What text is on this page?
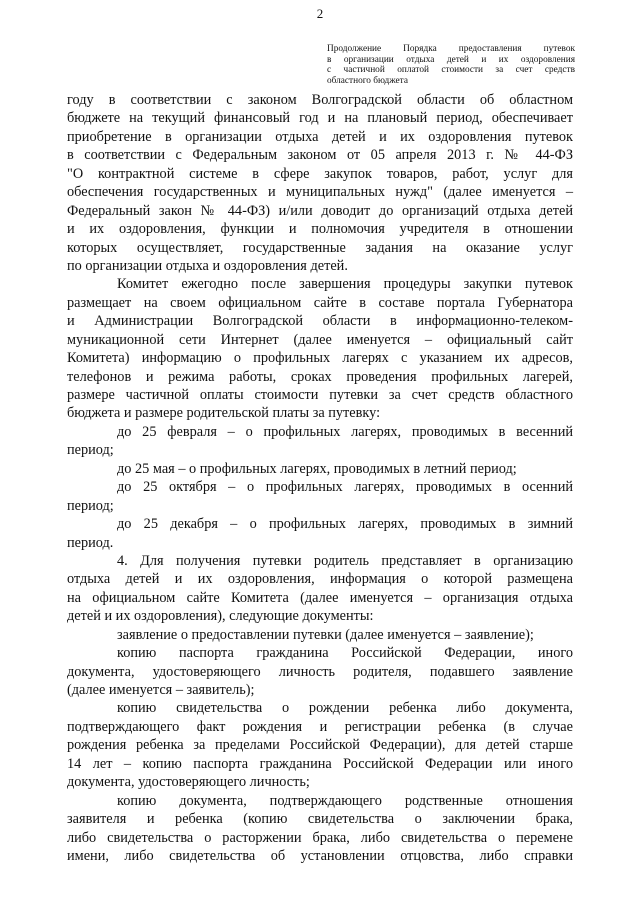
2
Продолжение Порядка предоставления путевок
в организации отдыха детей и их оздоровления
с частичной оплатой стоимости за счет средств
областного бюджета
году в соответствии с законом Волгоградской области об областном
бюджете на текущий финансовый год и на плановый период, обеспечивает
приобретение в организации отдыха детей и их оздоровления путевок
в соответствии с Федеральным законом от 05 апреля 2013 г. № 44-ФЗ
"О контрактной системе в сфере закупок товаров, работ, услуг для
обеспечения государственных и муниципальных нужд" (далее именуется –
Федеральный закон № 44-ФЗ) и/или доводит до организаций отдыха детей
и их оздоровления, функции и полномочия учредителя в отношении
которых осуществляет, государственные задания на оказание услуг
по организации отдыха и оздоровления детей.
Комитет ежегодно после завершения процедуры закупки путевок
размещает на своем официальном сайте в составе портала Губернатора
и Администрации Волгоградской области в информационно-телеком-
муникационной сети Интернет (далее именуется – официальный сайт
Комитета) информацию о профильных лагерях с указанием их адресов,
телефонов и режима работы, сроках проведения профильных лагерей,
размере частичной оплаты стоимости путевки за счет средств областного
бюджета и размере родительской платы за путевку:
до 25 февраля – о профильных лагерях, проводимых в весенний
период;
до 25 мая – о профильных лагерях, проводимых в летний период;
до 25 октября – о профильных лагерях, проводимых в осенний
период;
до 25 декабря – о профильных лагерях, проводимых в зимний
период.
4. Для получения путевки родитель представляет в организацию
отдыха детей и их оздоровления, информация о которой размещена
на официальном сайте Комитета (далее именуется – организация отдыха
детей и их оздоровления), следующие документы:
заявление о предоставлении путевки (далее именуется – заявление);
копию паспорта гражданина Российской Федерации, иного
документа, удостоверяющего личность родителя, подавшего заявление
(далее именуется – заявитель);
копию свидетельства о рождении ребенка либо документа,
подтверждающего факт рождения и регистрации ребенка (в случае
рождения ребенка за пределами Российской Федерации), для детей старше
14 лет – копию паспорта гражданина Российской Федерации или иного
документа, удостоверяющего личность;
копию документа, подтверждающего родственные отношения
заявителя и ребенка (копию свидетельства о заключении брака,
либо свидетельства о расторжении брака, либо свидетельства о перемене
имени, либо свидетельства об установлении отцовства, либо справки
